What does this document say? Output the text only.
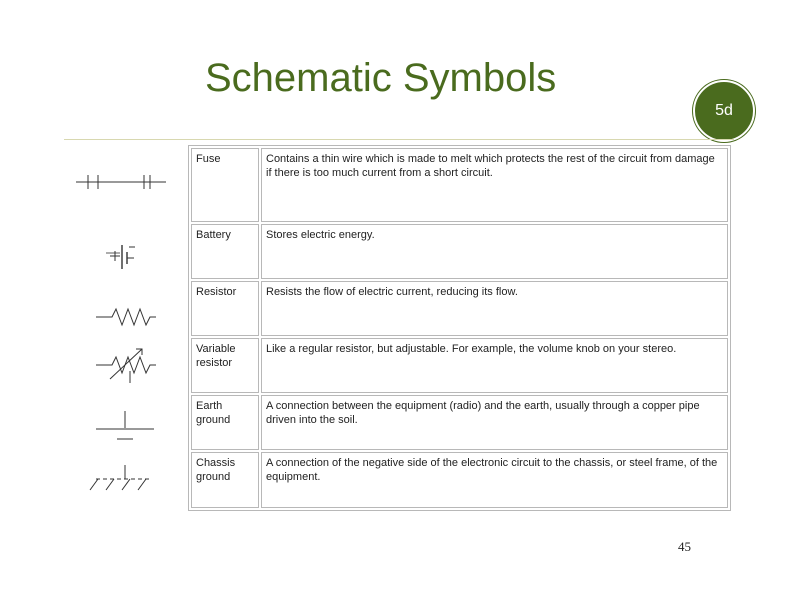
Schematic Symbols
5d
Fuse	Contains a thin wire which is made to melt which protects the rest of the circuit from damage if there is too much current from a short circuit.
Battery	Stores electric energy.
Resistor	Resists the flow of electric current, reducing its flow.
Variable resistor	Like a regular resistor, but adjustable. For example, the volume knob on your stereo.
Earth ground	A connection between the equipment (radio) and the earth, usually through a copper pipe driven into the soil.
Chassis ground	A connection of the negative side of the electronic circuit to the chassis, or steel frame, of the equipment.
45
